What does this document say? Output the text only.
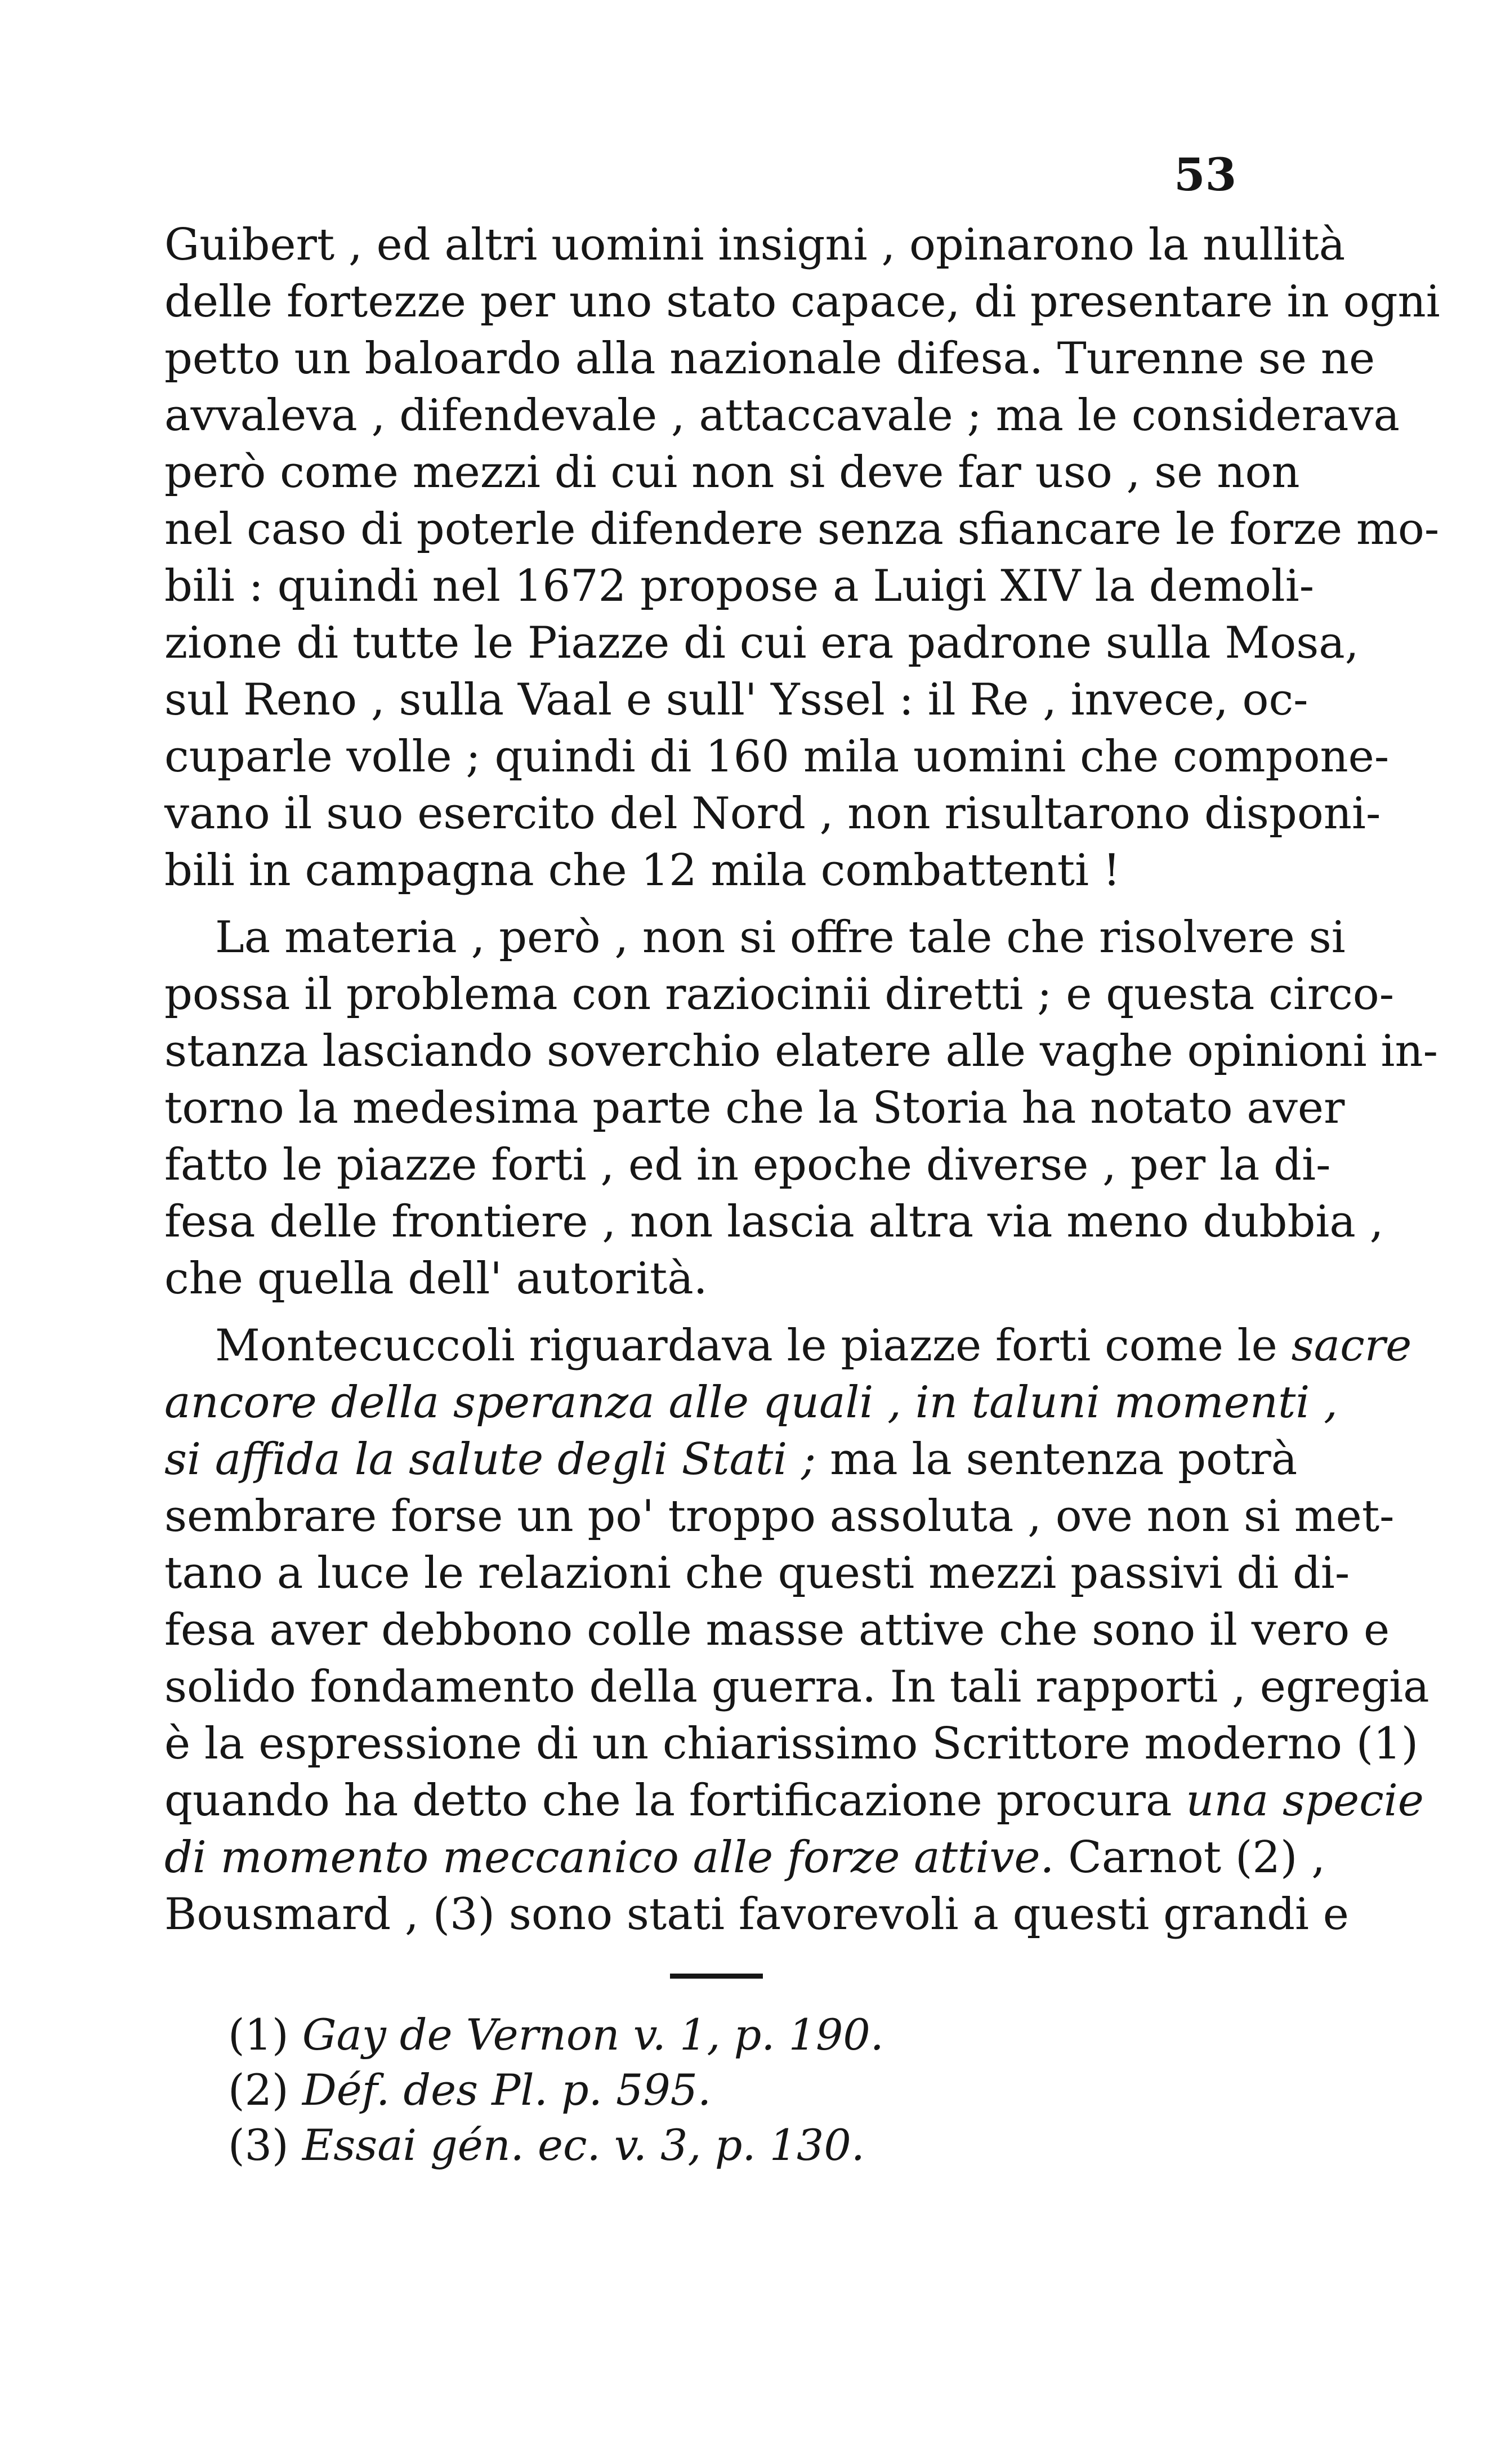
53
Guibert , ed altri uomini insigni , opinarono la nullità
delle fortezze per uno stato capace, di presentare in ogni
petto un baloardo alla nazionale difesa. Turenne se ne
avvaleva , difendevale , attaccavale ; ma le considerava
però come mezzi di cui non si deve far uso , se non
nel caso di poterle difendere senza sfiancare le forze mo-
bili : quindi nel 1672 propose a Luigi XIV la demoli-
zione di tutte le Piazze di cui era padrone sulla Mosa,
sul Reno , sulla Vaal e sull' Yssel : il Re , invece, oc-
cuparle volle ; quindi di 160 mila uomini che compone-
vano il suo esercito del Nord , non risultarono disponi-
bili in campagna che 12 mila combattenti !
La materia , però , non si offre tale che risolvere si
possa il problema con raziocinii diretti ; e questa circo-
stanza lasciando soverchio elatere alle vaghe opinioni in-
torno la medesima parte che la Storia ha notato aver
fatto le piazze forti , ed in epoche diverse , per la di-
fesa delle frontiere , non lascia altra via meno dubbia ,
che quella dell' autorità.
Montecuccoli riguardava le piazze forti come le sacre
ancore della speranza alle quali , in taluni momenti ,
si affida la salute degli Stati ; ma la sentenza potrà
sembrare forse un po' troppo assoluta , ove non si met-
tano a luce le relazioni che questi mezzi passivi di di-
fesa aver debbono colle masse attive che sono il vero e
solido fondamento della guerra. In tali rapporti , egregia
è la espressione di un chiarissimo Scrittore moderno (1)
quando ha detto che la fortificazione procura una specie
di momento meccanico alle forze attive. Carnot (2) ,
Bousmard , (3) sono stati favorevoli a questi grandi e
(1) Gay de Vernon v. 1, p. 190.
(2) Déf. des Pl. p. 595.
(3) Essai gén. ec. v. 3, p. 130.
